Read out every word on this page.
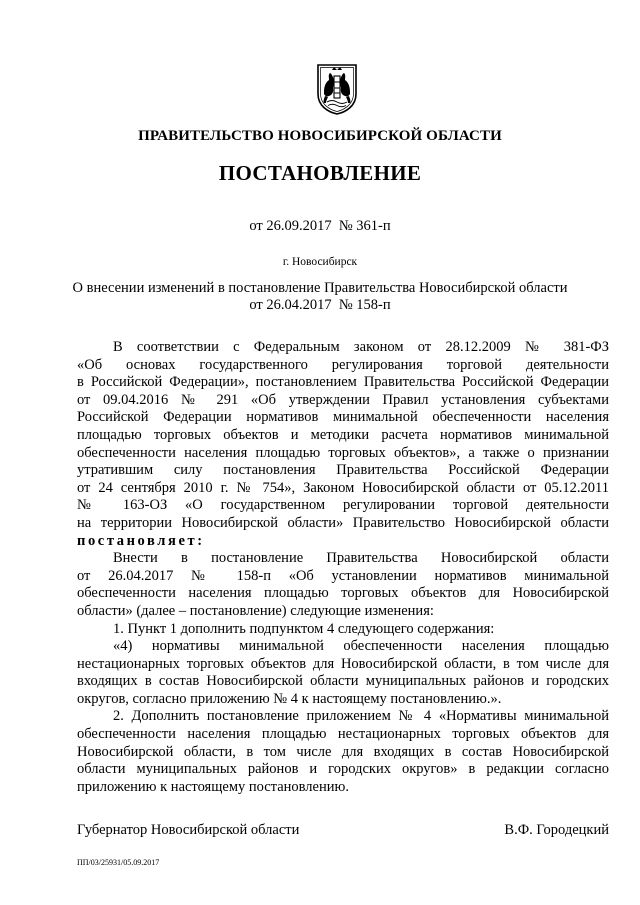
ПРАВИТЕЛЬСТВО НОВОСИБИРСКОЙ ОБЛАСТИ
ПОСТАНОВЛЕНИЕ
от 26.09.2017  № 361-п
г. Новосибирск
О внесении изменений в постановление Правительства Новосибирской области
от 26.04.2017  № 158-п

В соответствии с Федеральным законом от 28.12.2009 № 381-ФЗ

«Об основах государственного регулирования торговой деятельности

в Российской Федерации», постановлением Правительства Российской Федерации

от 09.04.2016 № 291 «Об утверждении Правил установления субъектами

Российской Федерации нормативов минимальной обеспеченности населения

площадью торговых объектов и методики расчета нормативов минимальной

обеспеченности населения площадью торговых объектов», а также о признании

утратившим силу постановления Правительства Российской Федерации

от 24 сентября 2010 г. № 754», Законом Новосибирской области от 05.12.2011

№ 163-ОЗ «О государственном регулировании торговой деятельности

на территории Новосибирской области» Правительство Новосибирской области

постановляет:

Внести в постановление Правительства Новосибирской области

от 26.04.2017 № 158-п «Об установлении нормативов минимальной

обеспеченности населения площадью торговых объектов для Новосибирской

области» (далее – постановление) следующие изменения:

1. Пункт 1 дополнить подпунктом 4 следующего содержания:

«4) нормативы минимальной обеспеченности населения площадью

нестационарных торговых объектов для Новосибирской области, в том числе для

входящих в состав Новосибирской области муниципальных районов и городских

округов, согласно приложению № 4 к настоящему постановлению.».

2. Дополнить постановление приложением № 4 «Нормативы минимальной

обеспеченности населения площадью нестационарных торговых объектов для

Новосибирской области, в том числе для входящих в состав Новосибирской

области муниципальных районов и городских округов» в редакции согласно

приложению к настоящему постановлению.

Губернатор Новосибирской области	В.Ф. Городецкий
ПП/03/25931/05.09.2017
